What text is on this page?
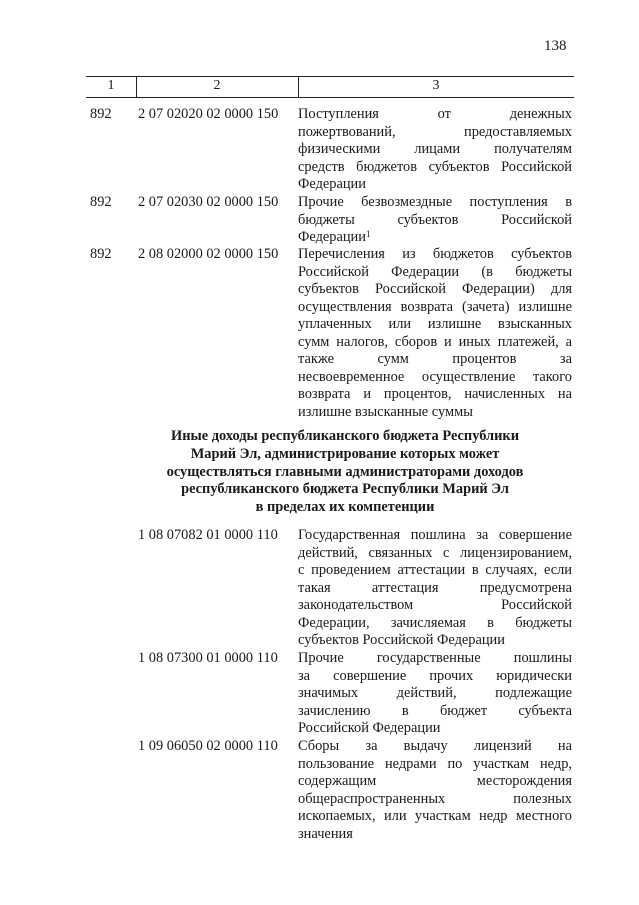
138
1	2	3
892	2 07 02020 02 0000 150	Поступления от денежных
пожертвований, предоставляемых
физическими лицами получателям
средств бюджетов субъектов Российской
Федерации
892	2 07 02030 02 0000 150	Прочие безвозмездные поступления в
бюджеты субъектов Российской
Федерации$^1$
892	2 08 02000 02 0000 150	Перечисления из бюджетов субъектов
Российской Федерации (в бюджеты
субъектов Российской Федерации) для
осуществления возврата (зачета) излишне
уплаченных или излишне взысканных
сумм налогов, сборов и иных платежей, а
также сумм процентов за
несвоевременное осуществление такого
возврата и процентов, начисленных на
излишне взысканные суммы
Иные доходы республиканского бюджета Республики
Марий Эл, администрирование которых может
осуществляться главными администраторами доходов
республиканского бюджета Республики Марий Эл
в пределах их компетенции
1 08 07082 01 0000 110	Государственная пошлина за совершение
действий, связанных с лицензированием,
с проведением аттестации в случаях, если
такая аттестация предусмотрена
законодательством Российской
Федерации, зачисляемая в бюджеты
субъектов Российской Федерации
1 08 07300 01 0000 110	Прочие государственные пошлины
за совершение прочих юридически
значимых действий, подлежащие
зачислению в бюджет субъекта
Российской Федерации
1 09 06050 02 0000 110	Сборы за выдачу лицензий на
пользование недрами по участкам недр,
содержащим месторождения
общераспространенных полезных
ископаемых, или участкам недр местного
значения
